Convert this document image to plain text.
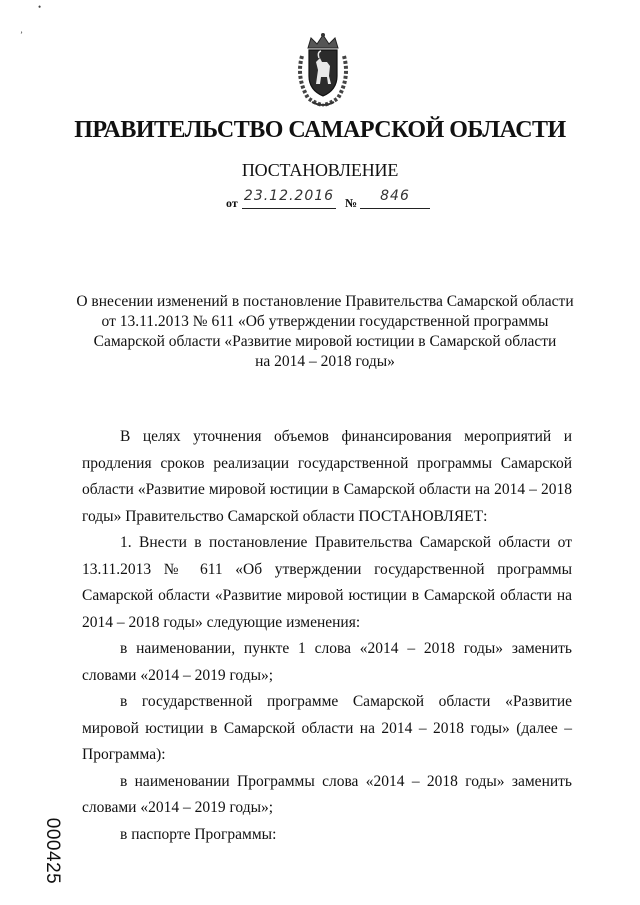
•
’
ПРАВИТЕЛЬСТВО САМАРСКОЙ ОБЛАСТИ
ПОСТАНОВЛЕНИЕ
от 23.12.2016 №	846
О внесении изменений в постановление Правительства Самарской области
от 13.11.2013 № 611 «Об утверждении государственной программы
Самарской области «Развитие мировой юстиции в Самарской области
на 2014 – 2018 годы»

В целях уточнения объемов финансирования мероприятий и продления сроков реализации государственной программы Самарской области «Развитие мировой юстиции в Самарской области на 2014 – 2018 годы» Правительство Самарской области ПОСТАНОВЛЯЕТ:

1. Внести в постановление Правительства Самарской области от 13.11.2013 № 611 «Об утверждении государственной программы Самарской области «Развитие мировой юстиции в Самарской области на 2014 – 2018 годы» следующие изменения:

в наименовании, пункте 1 слова «2014 – 2018 годы» заменить словами «2014 – 2019 годы»;

в государственной программе Самарской области «Развитие мировой юстиции в Самарской области на 2014 – 2018 годы» (далее – Программа):

в наименовании Программы слова «2014 – 2018 годы» заменить словами «2014 – 2019 годы»;

в паспорте Программы:

000425
